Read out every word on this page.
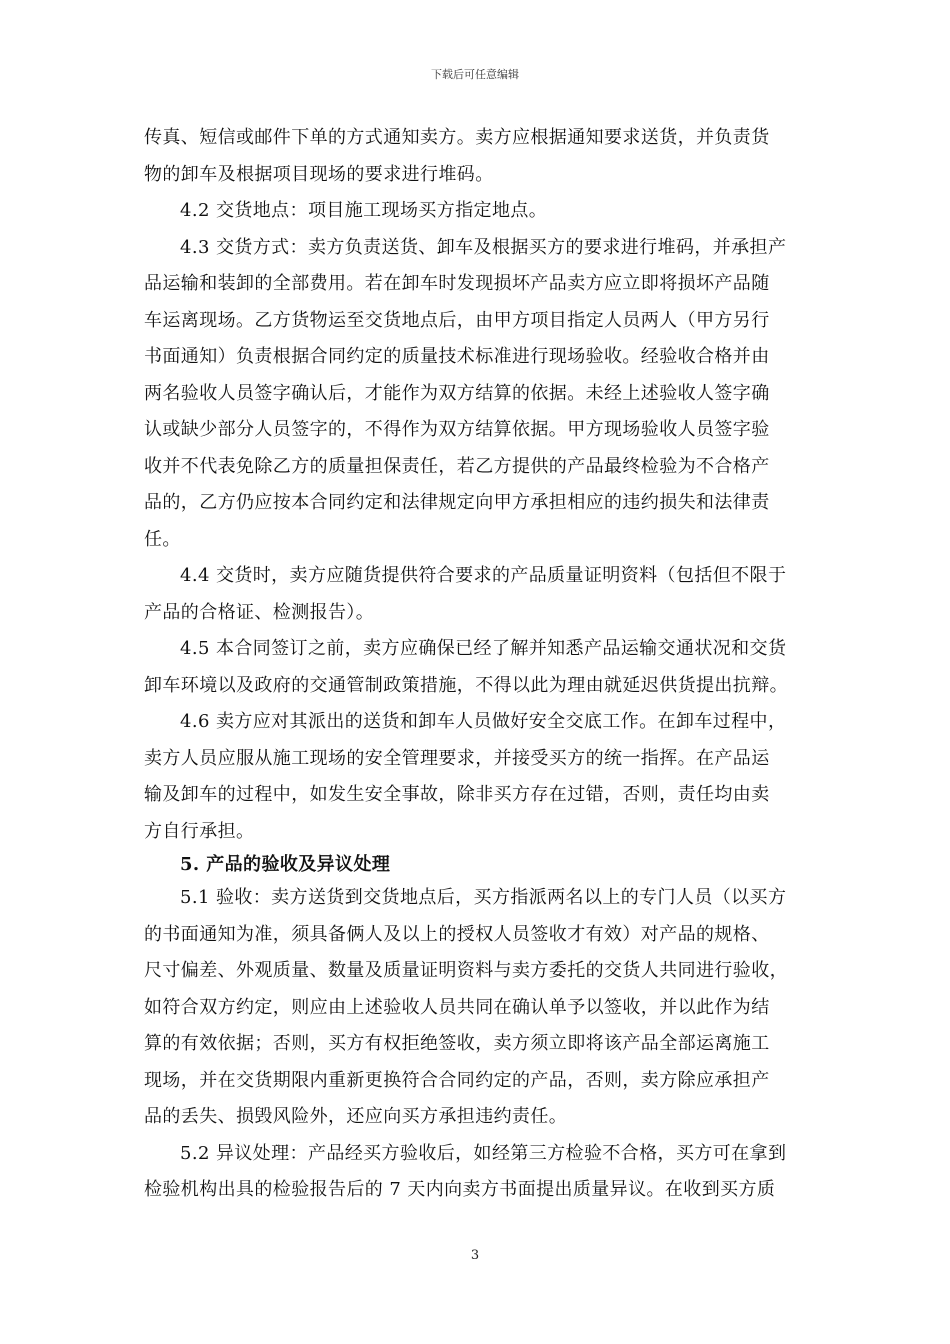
下载后可任意编辑
传真、短信或邮件下单的方式通知卖方。卖方应根据通知要求送货，并负责货
物的卸车及根据项目现场的要求进行堆码。
4.2 交货地点：项目施工现场买方指定地点。
4.3 交货方式：卖方负责送货、卸车及根据买方的要求进行堆码，并承担产
品运输和装卸的全部费用。若在卸车时发现损坏产品卖方应立即将损坏产品随
车运离现场。乙方货物运至交货地点后，由甲方项目指定人员两人（甲方另行
书面通知）负责根据合同约定的质量技术标准进行现场验收。经验收合格并由
两名验收人员签字确认后，才能作为双方结算的依据。未经上述验收人签字确
认或缺少部分人员签字的，不得作为双方结算依据。甲方现场验收人员签字验
收并不代表免除乙方的质量担保责任，若乙方提供的产品最终检验为不合格产
品的，乙方仍应按本合同约定和法律规定向甲方承担相应的违约损失和法律责
任。
4.4 交货时，卖方应随货提供符合要求的产品质量证明资料（包括但不限于
产品的合格证、检测报告）。
4.5 本合同签订之前，卖方应确保已经了解并知悉产品运输交通状况和交货
卸车环境以及政府的交通管制政策措施，不得以此为理由就延迟供货提出抗辩。
4.6 卖方应对其派出的送货和卸车人员做好安全交底工作。在卸车过程中，
卖方人员应服从施工现场的安全管理要求，并接受买方的统一指挥。在产品运
输及卸车的过程中，如发生安全事故，除非买方存在过错，否则，责任均由卖
方自行承担。
5. 产品的验收及异议处理
5.1 验收：卖方送货到交货地点后，买方指派两名以上的专门人员（以买方
的书面通知为准，须具备俩人及以上的授权人员签收才有效）对产品的规格、
尺寸偏差、外观质量、数量及质量证明资料与卖方委托的交货人共同进行验收，
如符合双方约定，则应由上述验收人员共同在确认单予以签收，并以此作为结
算的有效依据；否则，买方有权拒绝签收，卖方须立即将该产品全部运离施工
现场，并在交货期限内重新更换符合合同约定的产品，否则，卖方除应承担产
品的丢失、损毁风险外，还应向买方承担违约责任。
5.2 异议处理：产品经买方验收后，如经第三方检验不合格，买方可在拿到
检验机构出具的检验报告后的 7 天内向卖方书面提出质量异议。在收到买方质
3
